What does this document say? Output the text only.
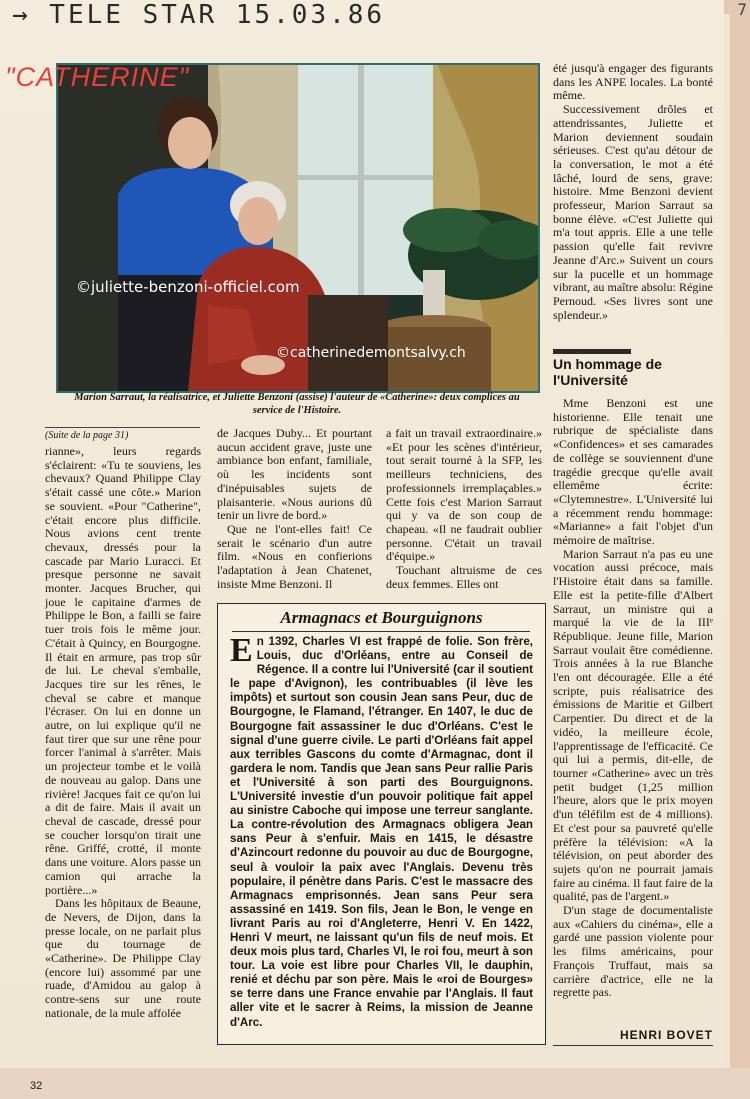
→ TELE STAR 15.03.86	7
©juliette-benzoni-officiel.com
©catherinedemontsalvy.ch
"CATHERINE"
Marion Sarraut, la réalisatrice, et Juliette Benzoni (assise) l'auteur de «Catherine»: deux complices au service de l'Histoire.
(Suite de la page 31)

rianne», leurs regards s'éclairent: «Tu te souviens, les chevaux? Quand Philippe Clay s'était cassé une côte.» Marion se souvient. «Pour "Catherine", c'était encore plus difficile. Nous avions cent trente chevaux, dressés pour la cascade par Mario Luracci. Et presque personne ne savait monter. Jacques Brucher, qui joue le capitaine d'armes de Philippe le Bon, a failli se faire tuer trois fois le même jour. C'était à Quincy, en Bourgogne. Il était en armure, pas trop sûr de lui. Le cheval s'emballe, Jacques tire sur les rênes, le cheval se cabre et manque l'écraser. On lui en donne un autre, on lui explique qu'il ne faut tirer que sur une rêne pour forcer l'animal à s'arrêter. Mais un projecteur tombe et le voilà de nouveau au galop. Dans une rivière! Jacques fait ce qu'on lui a dit de faire. Mais il avait un cheval de cascade, dressé pour se coucher lorsqu'on tirait une rêne. Griffé, crotté, il monte dans une voiture. Alors passe un camion qui arrache la portière...»

Dans les hôpitaux de Beaune, de Nevers, de Dijon, dans la presse locale, on ne parlait plus que du tournage de «Catherine». De Philippe Clay (encore lui) assommé par une ruade, d'Amidou au galop à contre-sens sur une route nationale, de la mule affolée

de Jacques Duby... Et pourtant aucun accident grave, juste une ambiance bon enfant, familiale, où les incidents sont d'inépuisables sujets de plaisanterie. «Nous aurions dû tenir un livre de bord.»

Que ne l'ont-elles fait! Ce serait le scénario d'un autre film. «Nous en confierions l'adaptation à Jean Chatenet, insiste Mme Benzoni. Il

a fait un travail extraordinaire.» «Et pour les scènes d'intérieur, tout serait tourné à la SFP, les meilleurs techniciens, des professionnels irremplaçables.» Cette fois c'est Marion Sarraut qui y va de son coup de chapeau. «Il ne faudrait oublier personne. C'était un travail d'équipe.»

Touchant altruisme de ces deux femmes. Elles ont

été jusqu'à engager des figurants dans les ANPE locales. La bonté même.

Successivement drôles et attendrissantes, Juliette et Marion deviennent soudain sérieuses. C'est qu'au détour de la conversation, le mot a été lâché, lourd de sens, grave: histoire. Mme Benzoni devient professeur, Marion Sarraut sa bonne élève. «C'est Juliette qui m'a tout appris. Elle a une telle passion qu'elle fait revivre Jeanne d'Arc.» Suivent un cours sur la pucelle et un hommage vibrant, au maître absolu: Régine Pernoud. «Ses livres sont une splendeur.»

Un hommage de l'Université

Mme Benzoni est une historienne. Elle tenait une rubrique de spécialiste dans «Confidences» et ses camarades de collège se souviennent d'une tragédie grecque qu'elle avait ellemême écrite: «Clytemnestre». L'Université lui a récemment rendu hommage: «Marianne» a fait l'objet d'un mémoire de maîtrise.

Marion Sarraut n'a pas eu une vocation aussi précoce, mais l'Histoire était dans sa famille. Elle est la petite-fille d'Albert Sarraut, un ministre qui a marqué la vie de la IIIᵉ République. Jeune fille, Marion Sarraut voulait être comédienne. Trois années à la rue Blanche l'en ont découragée. Elle a été scripte, puis réalisatrice des émissions de Maritie et Gilbert Carpentier. Du direct et de la vidéo, la meilleure école, l'apprentissage de l'efficacité. Ce qui lui a permis, dit-elle, de tourner «Catherine» avec un très petit budget (1,25 million l'heure, alors que le prix moyen d'un téléfilm est de 4 millions). Et c'est pour sa pauvreté qu'elle préfère la télévision: «A la télévision, on peut aborder des sujets qu'on ne pourrait jamais faire au cinéma. Il faut faire de la qualité, pas de l'argent.»

D'un stage de documentaliste aux «Cahiers du cinéma», elle a gardé une passion violente pour les films américains, pour François Truffaut, mais sa carrière d'actrice, elle ne la regrette pas.

HENRI BOVET
Armagnacs et Bourguignons
En 1392, Charles VI est frappé de folie. Son frère, Louis, duc d'Orléans, entre au Conseil de Régence. Il a contre lui l'Université (car il soutient le pape d'Avignon), les contribuables (il lève les impôts) et surtout son cousin Jean sans Peur, duc de Bourgogne, le Flamand, l'étranger. En 1407, le duc de Bourgogne fait assassiner le duc d'Orléans. C'est le signal d'une guerre civile. Le parti d'Orléans fait appel aux terribles Gascons du comte d'Armagnac, dont il gardera le nom. Tandis que Jean sans Peur rallie Paris et l'Université à son parti des Bourguignons. L'Université investie d'un pouvoir politique fait appel au sinistre Caboche qui impose une terreur sanglante. La contre-révolution des Armagnacs obligera Jean sans Peur à s'enfuir. Mais en 1415, le désastre d'Azincourt redonne du pouvoir au duc de Bourgogne, seul à vouloir la paix avec l'Anglais. Devenu très populaire, il pénètre dans Paris. C'est le massacre des Armagnacs emprisonnés. Jean sans Peur sera assassiné en 1419. Son fils, Jean le Bon, le venge en livrant Paris au roi d'Angleterre, Henri V. En 1422, Henri V meurt, ne laissant qu'un fils de neuf mois. Et deux mois plus tard, Charles VI, le roi fou, meurt à son tour. La voie est libre pour Charles VII, le dauphin, renié et déchu par son père. Mais le «roi de Bourges» se terre dans une France envahie par l'Anglais. Il faut aller vite et le sacrer à Reims, la mission de Jeanne d'Arc.
32
